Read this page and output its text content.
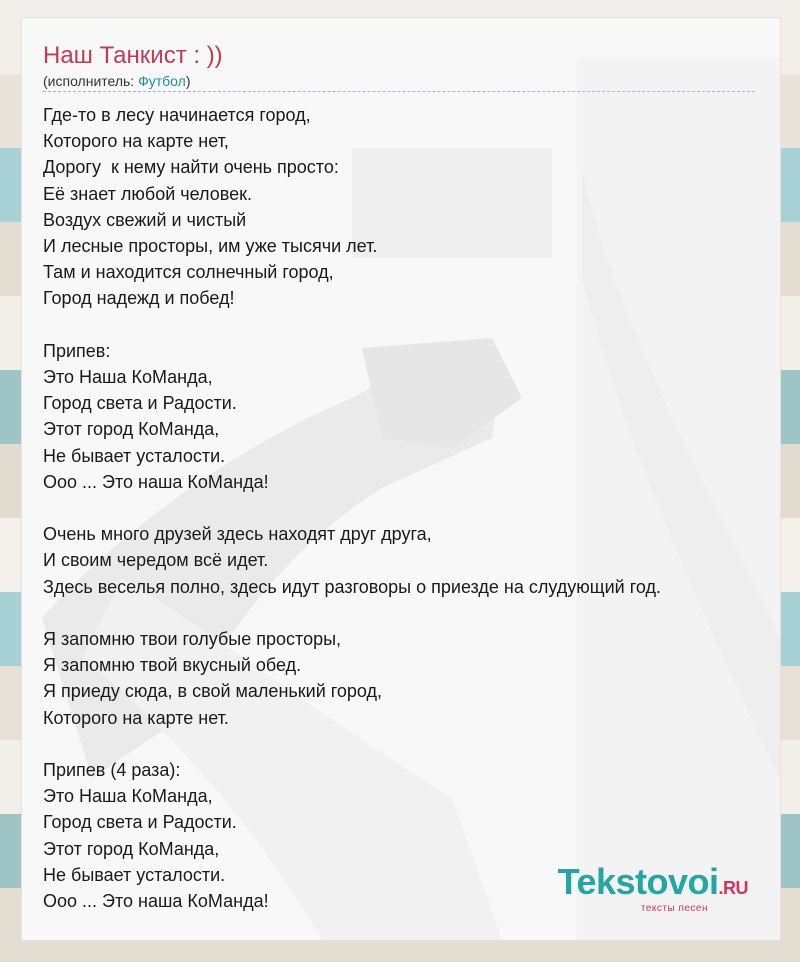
Наш Танкист : ))
(исполнитель: Футбол)
Где-то в лесу начинается город,
Которого на карте нет,
Дорогу  к нему найти очень просто:
Её знает любой человек.
Воздух свежий и чистый
И лесные просторы, им уже тысячи лет.
Там и находится солнечный город,
Город надежд и побед!

Припев:
Это Наша КоМанда,
Город света и Радости.
Этот город КоМанда,
Не бывает усталости.
Ооо ... Это наша КоМанда!

Очень много друзей здесь находят друг друга,
И своим чередом всё идет.
Здесь веселья полно, здесь идут разговоры о приезде на слудующий год.

Я запомню твои голубые просторы,
Я запомню твой вкусный обед.
Я приеду сюда, в свой маленький город,
Которого на карте нет.

Припев (4 раза):
Это Наша КоМанда,
Город света и Радости.
Этот город КоМанда,
Не бывает усталости.
Ооо ... Это наша КоМанда!	Tekstovoi.RU
тексты песен
